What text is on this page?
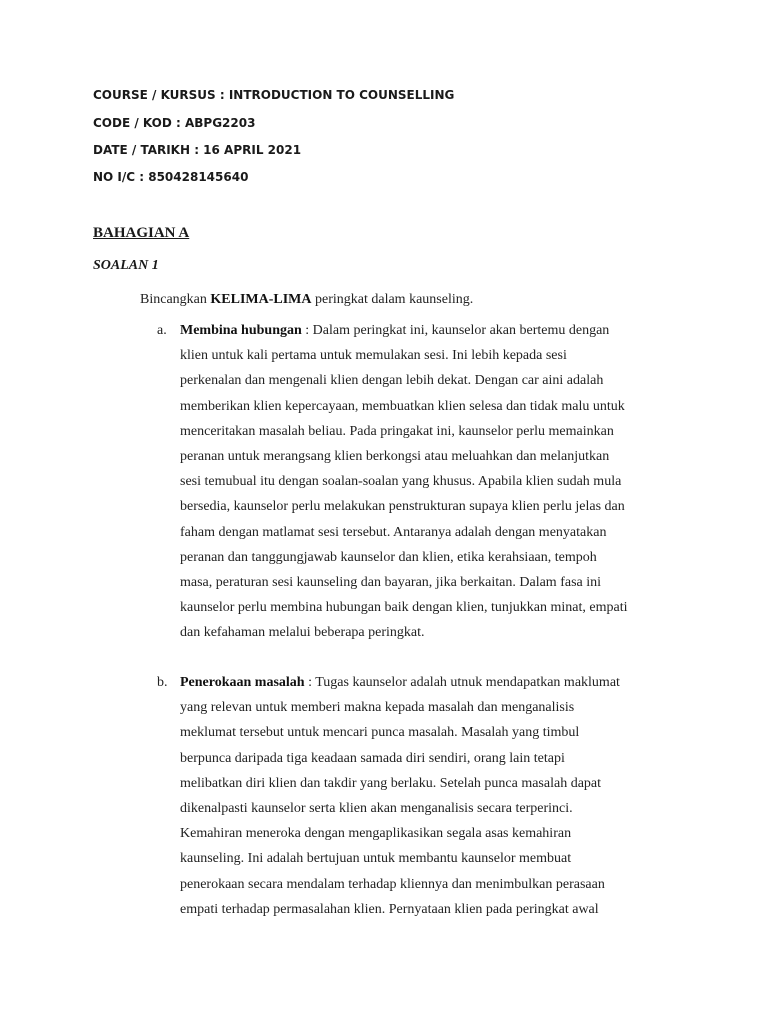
COURSE / KURSUS : INTRODUCTION TO COUNSELLING
CODE / KOD : ABPG2203
DATE / TARIKH : 16 APRIL 2021
NO I/C : 850428145640
BAHAGIAN A
SOALAN 1
Bincangkan KELIMA-LIMA peringkat dalam kaunseling.
a. Membina hubungan : Dalam peringkat ini, kaunselor akan bertemu dengan
klien untuk kali pertama untuk memulakan sesi. Ini lebih kepada sesi
perkenalan dan mengenali klien dengan lebih dekat. Dengan car aini adalah
memberikan klien kepercayaan, membuatkan klien selesa dan tidak malu untuk
menceritakan masalah beliau. Pada pringakat ini, kaunselor perlu memainkan
peranan untuk merangsang klien berkongsi atau meluahkan dan melanjutkan
sesi temubual itu dengan soalan-soalan yang khusus. Apabila klien sudah mula
bersedia, kaunselor perlu melakukan penstrukturan supaya klien perlu jelas dan
faham dengan matlamat sesi tersebut. Antaranya adalah dengan menyatakan
peranan dan tanggungjawab kaunselor dan klien, etika kerahsiaan, tempoh
masa, peraturan sesi kaunseling dan bayaran, jika berkaitan. Dalam fasa ini
kaunselor perlu membina hubungan baik dengan klien, tunjukkan minat, empati
dan kefahaman melalui beberapa peringkat.
b. Penerokaan masalah : Tugas kaunselor adalah utnuk mendapatkan maklumat
yang relevan untuk memberi makna kepada masalah dan menganalisis
meklumat tersebut untuk mencari punca masalah. Masalah yang timbul
berpunca daripada tiga keadaan samada diri sendiri, orang lain tetapi
melibatkan diri klien dan takdir yang berlaku. Setelah punca masalah dapat
dikenalpasti kaunselor serta klien akan menganalisis secara terperinci.
Kemahiran meneroka dengan mengaplikasikan segala asas kemahiran
kaunseling. Ini adalah bertujuan untuk membantu kaunselor membuat
penerokaan secara mendalam terhadap kliennya dan menimbulkan perasaan
empati terhadap permasalahan klien. Pernyataan klien pada peringkat awal
